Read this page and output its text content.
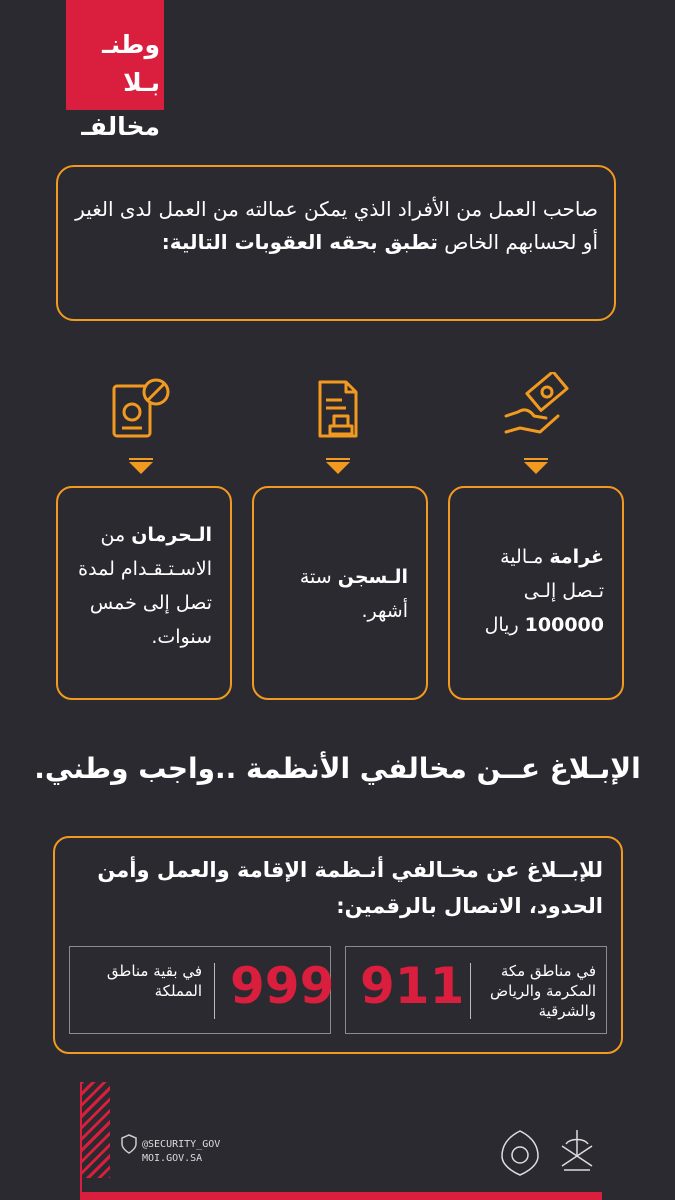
وطنـ
بـلا
مخالفـ
صاحب العمل من الأفراد الذي يمكن عمالته من العمل لدى الغير أو لحسابهم الخاص تطبق بحقه العقوبات التالية:
غرامة مـالية تـصل إلـى 100000 ريال
الـسجن ستة أشهر.
الـحرمان من الاسـتـقـدام لمدة تصل إلى خمس سنوات.
الإبـلاغ عــن مخالفي الأنظمة ..واجب وطني.
للإبــلاغ عن مخـالفي أنـظمة الإقامة والعمل وأمن الحدود، الاتصال بالرقمين:
911	في مناطق مكة المكرمة والرياض والشرقية
999
في بقية مناطق المملكة
@SECURITY_GOV
MOI.GOV.SA
